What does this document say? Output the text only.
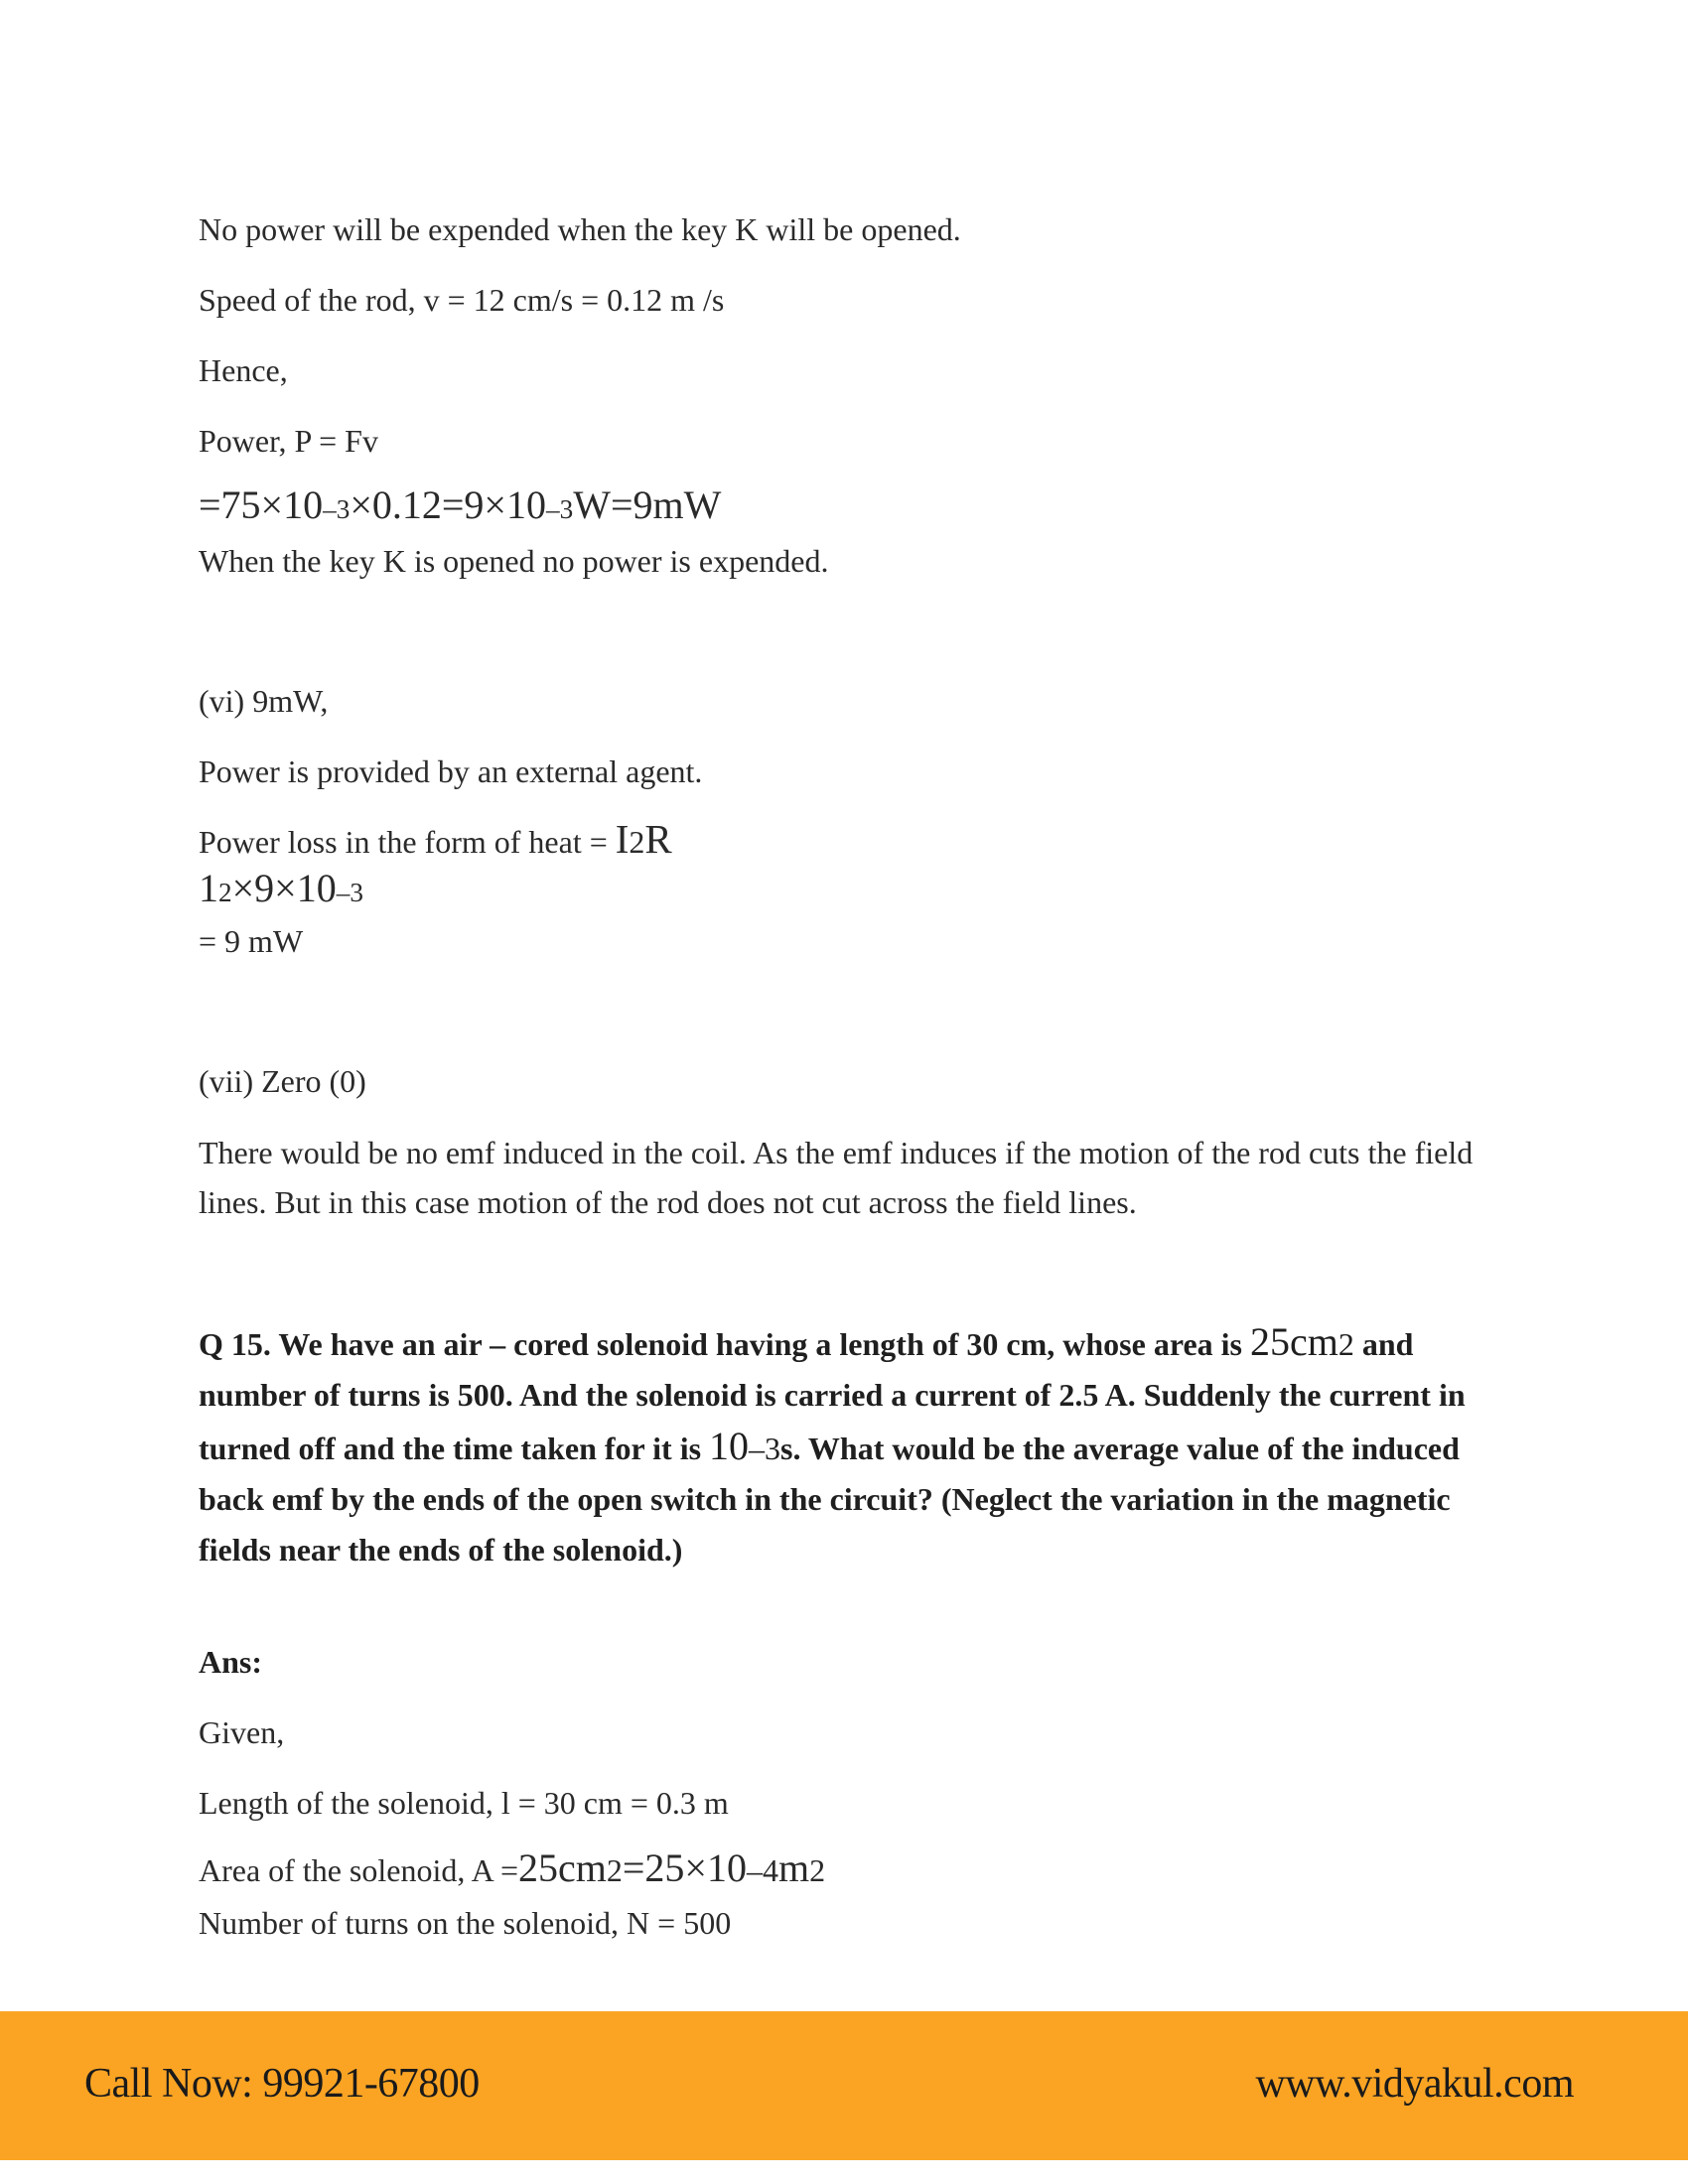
No power will be expended when the key K will be opened.
Speed of the rod, v = 12 cm/s = 0.12 m /s
Hence,
Power, P = Fv
=75×10–3×0.12=9×10–3W=9mW
When the key K is opened no power is expended.
(vi) 9mW,
Power is provided by an external agent.
Power loss in the form of heat = I2R
12×9×10–3
= 9 mW
(vii) Zero (0)
There would be no emf induced in the coil. As the emf induces if the motion of the rod cuts the field lines. But in this case motion of the rod does not cut across the field lines.
Q 15. We have an air – cored solenoid having a length of 30 cm, whose area is 25cm2 and number of turns is 500. And the solenoid is carried a current of 2.5 A. Suddenly the current in turned off and the time taken for it is 10–3s. What would be the average value of the induced back emf by the ends of the open switch in the circuit? (Neglect the variation in the magnetic fields near the ends of the solenoid.)
Ans:
Given,
Length of the solenoid, l = 30 cm = 0.3 m
Area of the solenoid, A =25cm2=25×10–4m2
Number of turns on the solenoid, N = 500
Call Now: 99921-67800	www.vidyakul.com
